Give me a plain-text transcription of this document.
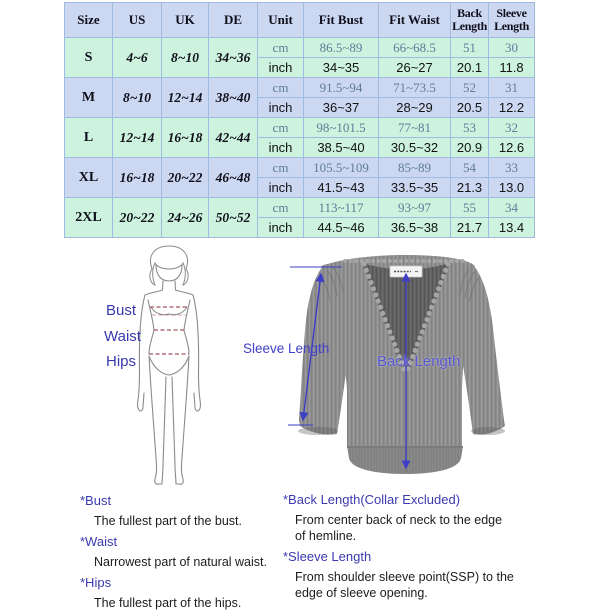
Size	US	UK	DE	Unit	Fit Bust	Fit Waist	Back Length	Sleeve Length
S	4~6	8~10	34~36	cm	86.5~89	66~68.5	51	30
				inch	34~35	26~27	20.1	11.8
M	8~10	12~14	38~40	cm	91.5~94	71~73.5	52	31
				inch	36~37	28~29	20.5	12.2
L	12~14	16~18	42~44	cm	98~101.5	77~81	53	32
				inch	38.5~40	30.5~32	20.9	12.6
XL	16~18	20~22	46~48	cm	105.5~109	85~89	54	33
				inch	41.5~43	33.5~35	21.3	13.0
2XL	20~22	24~26	50~52	cm	113~117	93~97	55	34
				inch	44.5~46	36.5~38	21.7	13.4
Bust
Waist
Hips
Sleeve Length
Back Length
*Bust
The fullest part of the bust.
*Waist
Narrowest part of natural waist.
*Hips
The fullest part of the hips.
*Back Length(Collar Excluded)
From center back of neck to the edge
of hemline.
*Sleeve Length
From shoulder sleeve point(SSP) to the
edge of sleeve opening.
